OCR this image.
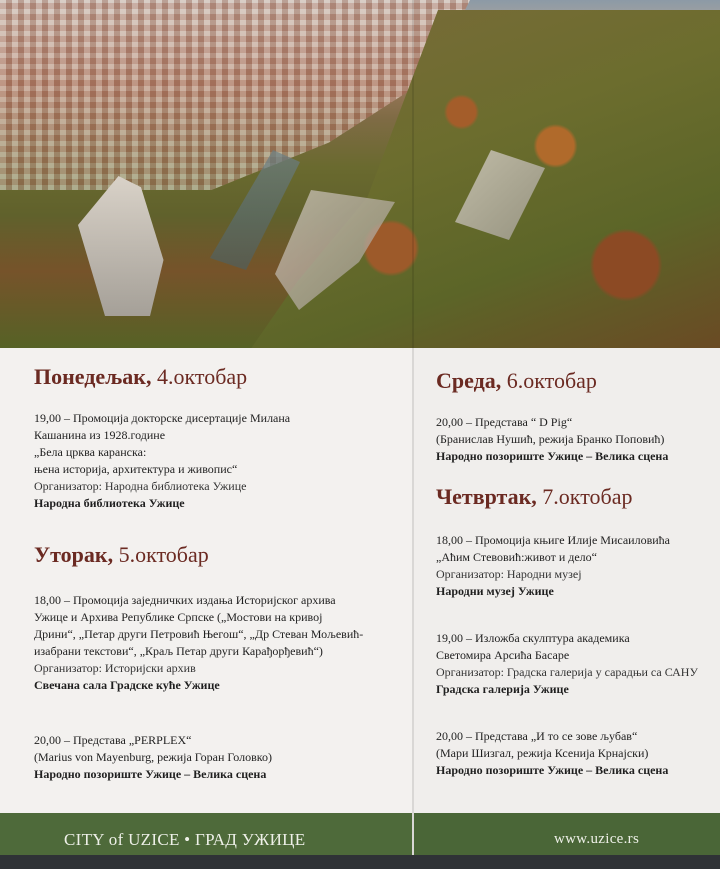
Понедељак, 4.октобар

19,00 – Промоција докторске дисертације Милана

Кашанина из 1928.године

„Бела црква каранска:

њена историја, архитектура и живопис“

Организатор: Народна библиотека Ужице

Народна библиотека Ужице

Уторак, 5.октобар

18,00 – Промоција заједничких издања Историјског архива

Ужице и Архива Републике Српске („Мостови на кривој

Дрини“, „Петар други Петровић Његош“, „Др Стеван Мољевић-

изабрани текстови“, „Краљ Петар други Карађорђевић“)

Организатор: Историјски архив

Свечана сала Градске куће Ужице

20,00 – Представа „PERPLEX“

(Marius von Mayenburg, режија Горан Головко)

Народно позориште Ужице – Велика сцена

Среда, 6.октобар

20,00 – Представа “ D Pig“

(Бранислав Нушић, режија Бранко Поповић)

Народно позориште Ужице – Велика сцена

Четвртак, 7.октобар

18,00 – Промоција књиге Илије Мисаиловића

„Аћим Стевовић:живот и дело“

Организатор: Народни музеј

Народни музеј Ужице

19,00 – Изложба скулптура академика

Светомира Арсића Басаре

Организатор: Градска галерија у сарадњи са САНУ

Градска галерија Ужице

20,00 – Представа „И то се зове љубав“

(Мари Шизгал, режија Ксенија Крнајски)

Народно позориште Ужице – Велика сцена

CITY of UZICE • ГРАД УЖИЦЕ	www.uzice.rs
